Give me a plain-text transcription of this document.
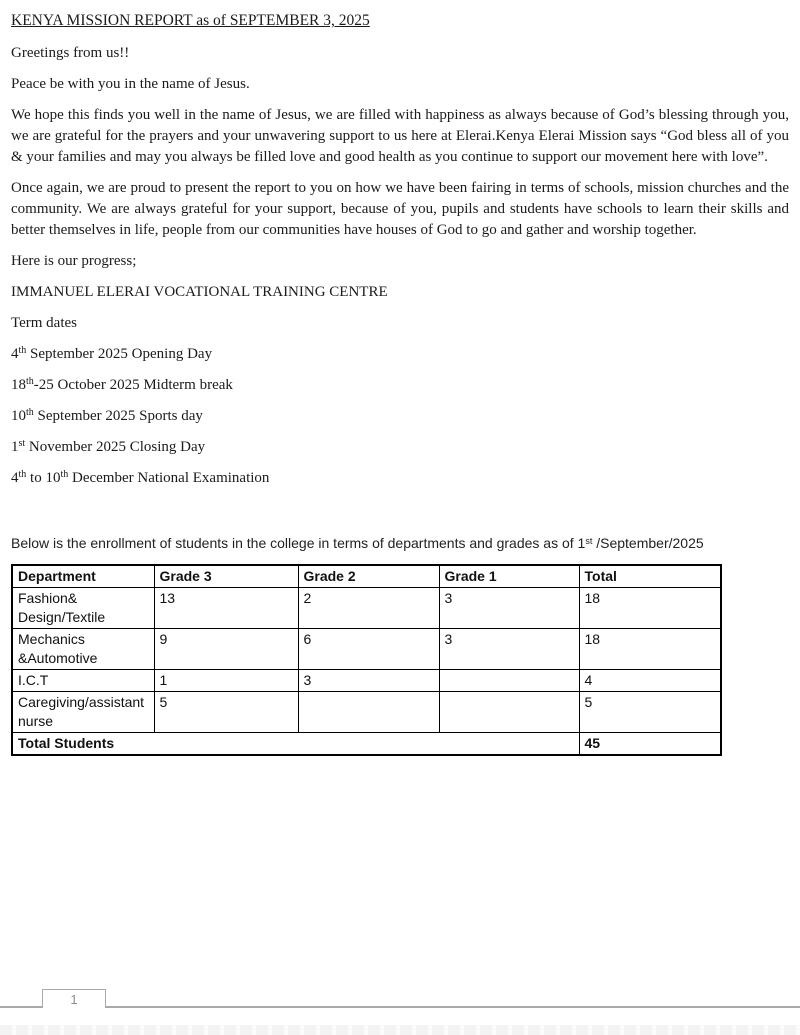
KENYA MISSION REPORT as of SEPTEMBER 3, 2025

Greetings from us!!

Peace be with you in the name of Jesus.

We hope this finds you well in the name of Jesus, we are filled with happiness as always because of God’s blessing through you, we are grateful for the prayers and your unwavering support to us here at Elerai.Kenya Elerai Mission says “God bless all of you & your families and may you always be filled love and good health as you continue to support our movement here with love”.

Once again, we are proud to present the report to you on how we have been fairing in terms of schools, mission churches and the community. We are always grateful for your support, because of you, pupils and students have schools to learn their skills and better themselves in life, people from our communities have houses of God to go and gather and worship together.

Here is our progress;

IMMANUEL ELERAI VOCATIONAL TRAINING CENTRE

Term dates

4th September 2025 Opening Day

18th-25 October 2025 Midterm break

10th September 2025 Sports day

1st November 2025 Closing Day

4th to 10th December National Examination

Below is the enrollment of students in the college in terms of departments and grades as of 1st /September/2025

Department	Grade 3	Grade 2	Grade 1	Total
Fashion& Design/Textile	13	2	3	18
Mechanics &Automotive	9	6	3	18
I.C.T	1	3		4
Caregiving/assistant nurse	5			5
Total Students				45
1
